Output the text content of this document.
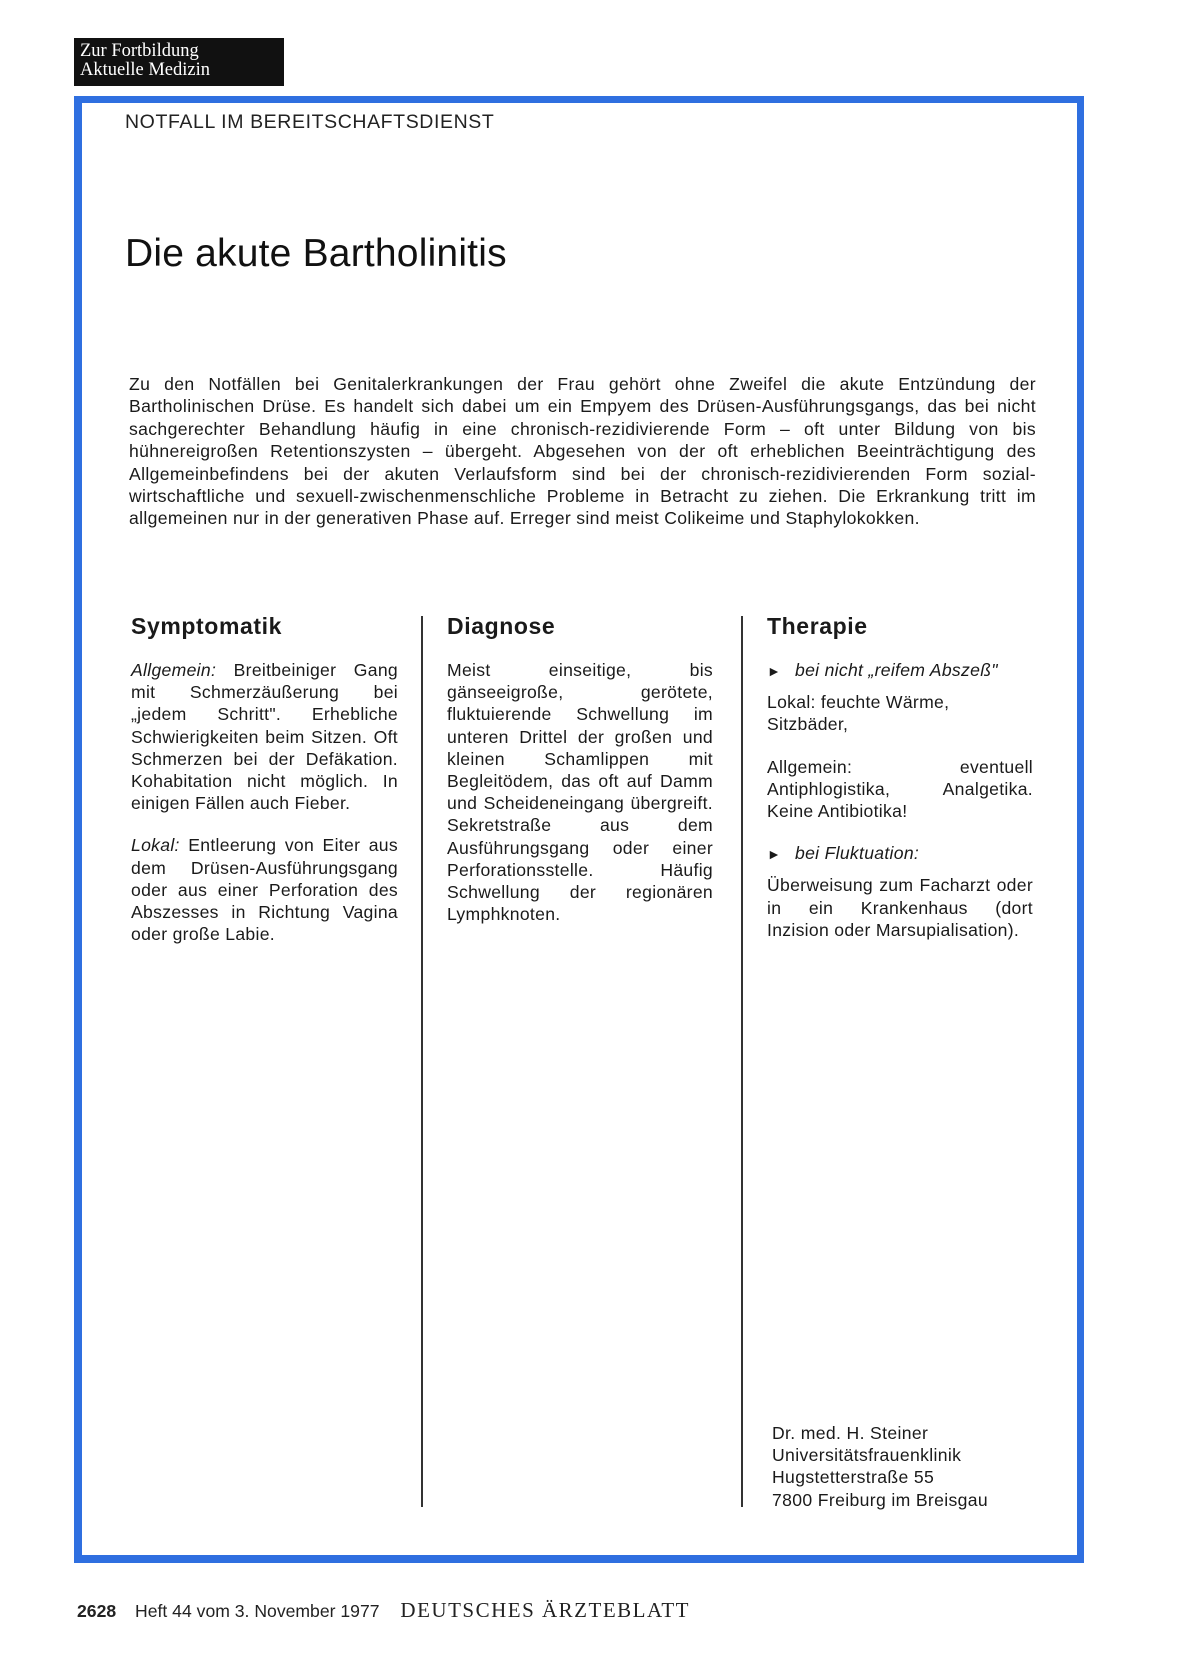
Zur Fortbildung
Aktuelle Medizin
NOTFALL IM BEREITSCHAFTSDIENST
Die akute Bartholinitis

Zu den Notfällen bei Genitalerkrankungen der Frau gehört ohne Zweifel die akute Entzündung der Bartholinischen Drüse. Es handelt sich dabei um ein Empyem des Drüsen-Ausführungsgangs, das bei nicht sachgerechter Behandlung häufig in eine chronisch-rezidivierende Form – oft unter Bildung von bis hühnereigroßen Retentionszysten – übergeht. Abgesehen von der oft erheblichen Beeinträchtigung des Allgemeinbefindens bei der akuten Verlaufsform sind bei der chronisch-rezidivierenden Form sozial-wirtschaftliche und sexuell-zwischenmenschliche Probleme in Betracht zu ziehen. Die Erkrankung tritt im allgemeinen nur in der generativen Phase auf. Erreger sind meist Colikeime und Staphylokokken.

Symptomatik

Allgemein: Breitbeiniger Gang mit Schmerzäußerung bei „jedem Schritt". Erhebliche Schwierigkeiten beim Sitzen. Oft Schmerzen bei der Defäkation. Kohabitation nicht möglich. In einigen Fällen auch Fieber.

Lokal: Entleerung von Eiter aus dem Drüsen-Ausführungsgang oder aus einer Perforation des Abszesses in Richtung Vagina oder große Labie.

Diagnose

Meist einseitige, bis gänseeigroße, gerötete, fluktuierende Schwellung im unteren Drittel der großen und kleinen Schamlippen mit Begleitödem, das oft auf Damm und Scheideneingang übergreift. Sekretstraße aus dem Ausführungsgang oder einer Perforationsstelle. Häufig Schwellung der regionären Lymphknoten.

Therapie

► bei nicht „reifem Abszeß"

Lokal: feuchte Wärme, Sitzbäder,

Allgemein: eventuell Antiphlogistika, Analgetika. Keine Antibiotika!

► bei Fluktuation:

Überweisung zum Facharzt oder in ein Krankenhaus (dort Inzision oder Marsupialisation).

Dr. med. H. Steiner
Universitätsfrauenklinik
Hugstetterstraße 55
7800 Freiburg im Breisgau
2628 Heft 44 vom 3. November 1977 DEUTSCHES ÄRZTEBLATT
